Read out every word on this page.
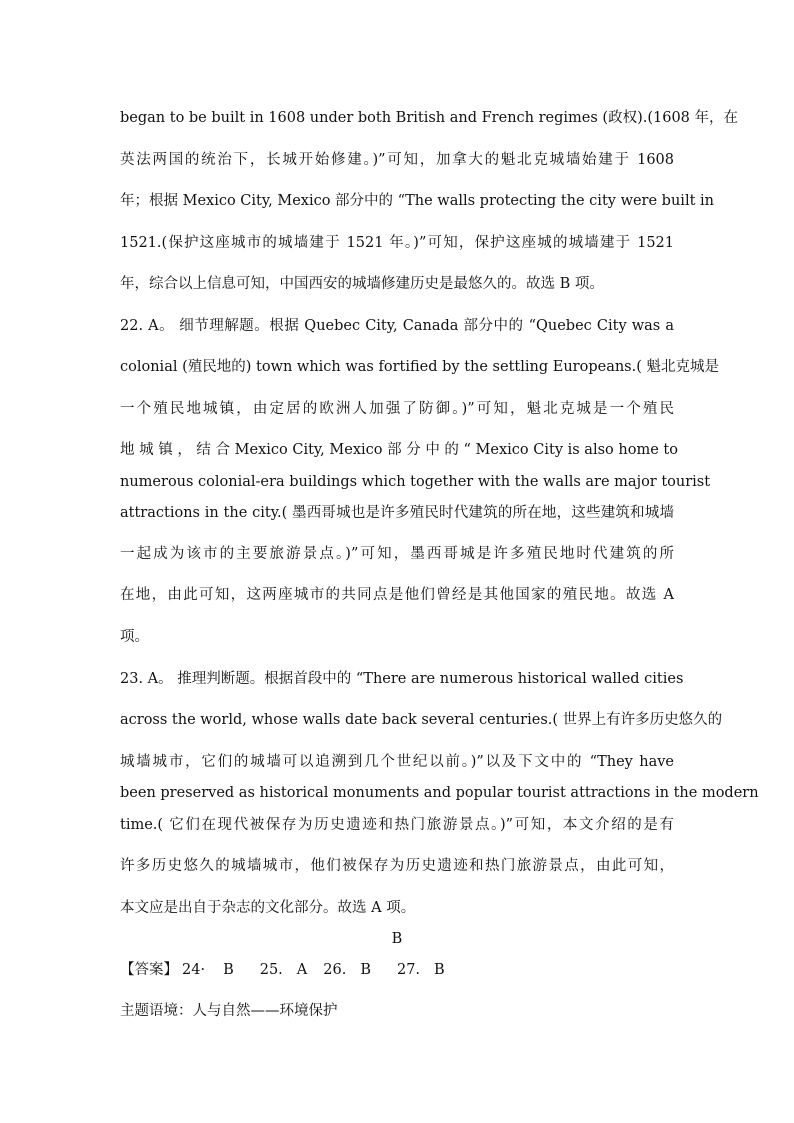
began to be built in 1608 under both British and French regimes (政权).(1608 年，在
英法两国的统治下，长城开始修建。)”可知，加拿大的魁北克城墙始建于 1608
年；根据 Mexico City, Mexico 部分中的 “The walls protecting the city were built in
1521.(保护这座城市的城墙建于 1521 年。)”可知，保护这座城的城墙建于 1521
年，综合以上信息可知，中国西安的城墙修建历史是最悠久的。故选 B 项。
22. A。 细节理解题。根据 Quebec City, Canada 部分中的 “Quebec City was a
colonial (殖民地的) town which was fortified by the settling Europeans.( 魁北克城是
一个殖民地城镇，由定居的欧洲人加强了防御。)”可知，魁北克城是一个殖民
地 城 镇 ， 结 合 Mexico City, Mexico 部 分 中 的 “ Mexico City is also home to
numerous colonial-era buildings which together with the walls are major tourist
attractions in the city.( 墨西哥城也是许多殖民时代建筑的所在地，这些建筑和城墙
一起成为该市的主要旅游景点。)”可知，墨西哥城是许多殖民地时代建筑的所
在地，由此可知，这两座城市的共同点是他们曾经是其他国家的殖民地。故选 A
项。
23. A。 推理判断题。根据首段中的 “There are numerous historical walled cities
across the world, whose walls date back several centuries.( 世界上有许多历史悠久的
城墙城市，它们的城墙可以追溯到几个世纪以前。)”以及下文中的 “They have
been preserved as historical monuments and popular tourist attractions in the modern
time.( 它们在现代被保存为历史遗迹和热门旅游景点。)”可知，本文介绍的是有
许多历史悠久的城墙城市，他们被保存为历史遗迹和热门旅游景点，由此可知，
本文应是出自于杂志的文化部分。故选 A 项。
B
【答案】 24· B 25. A 26. B 27. B
主题语境：人与自然——环境保护
